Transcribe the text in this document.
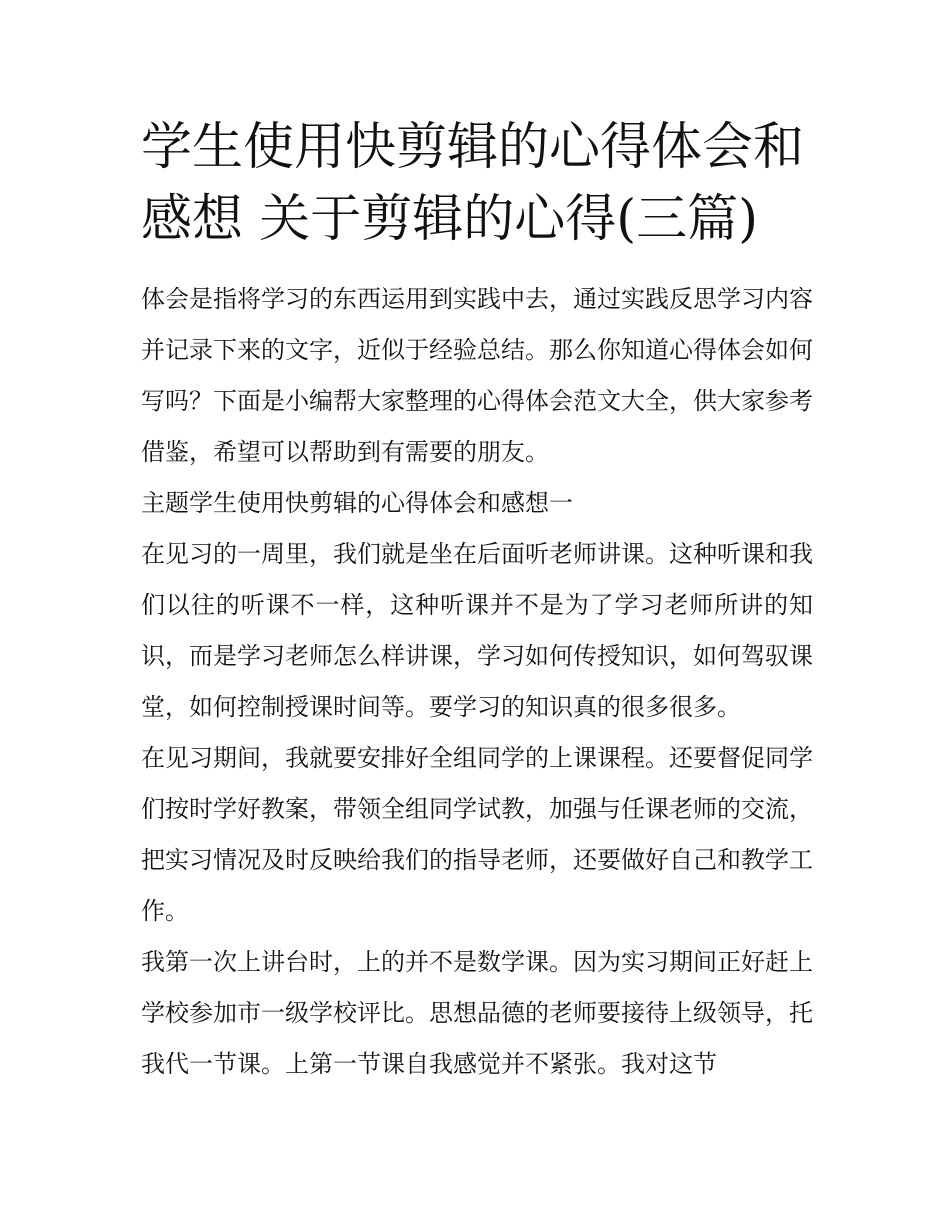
学生使用快剪辑的心得体会和感想 关于剪辑的心得(三篇)

体会是指将学习的东西运用到实践中去，通过实践反思学习内容并记录下来的文字，近似于经验总结。那么你知道心得体会如何写吗？下面是小编帮大家整理的心得体会范文大全，供大家参考借鉴，希望可以帮助到有需要的朋友。

主题学生使用快剪辑的心得体会和感想一

在见习的一周里，我们就是坐在后面听老师讲课。这种听课和我们以往的听课不一样，这种听课并不是为了学习老师所讲的知识，而是学习老师怎么样讲课，学习如何传授知识，如何驾驭课堂，如何控制授课时间等。要学习的知识真的很多很多。

在见习期间，我就要安排好全组同学的上课课程。还要督促同学们按时学好教案，带领全组同学试教，加强与任课老师的交流，把实习情况及时反映给我们的指导老师，还要做好自己和教学工作。

我第一次上讲台时，上的并不是数学课。因为实习期间正好赶上学校参加市一级学校评比。思想品德的老师要接待上级领导，托我代一节课。上第一节课自我感觉并不紧张。我对这节
